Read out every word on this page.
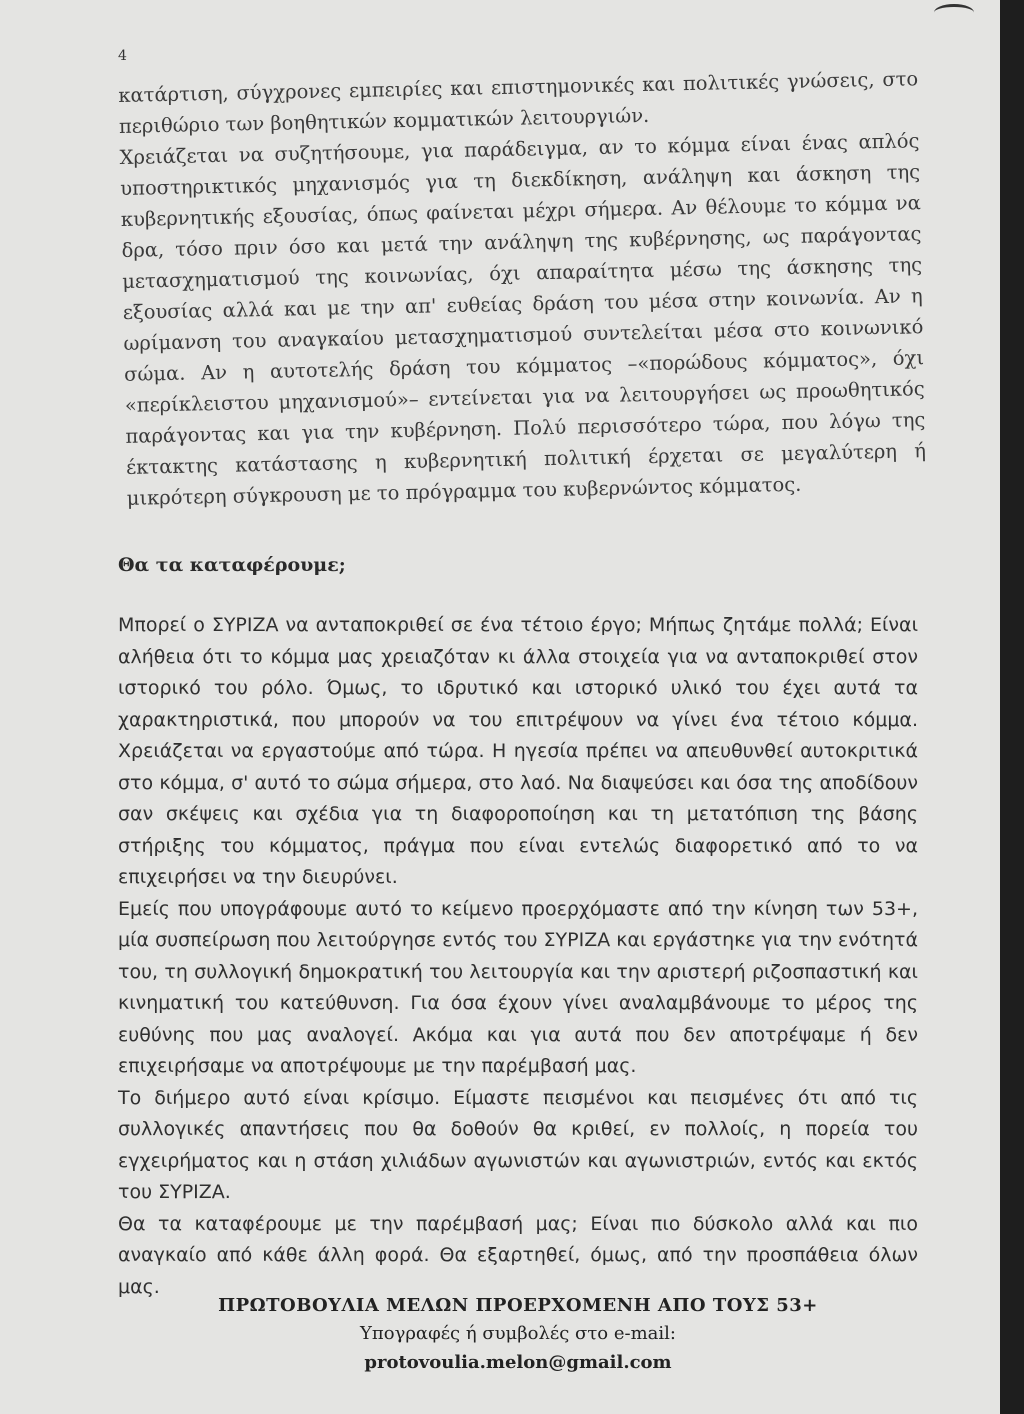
4

κατάρτιση, σύγχρονες εμπειρίες και επιστημονικές και πολιτικές γνώσεις, στο περιθώριο των βοηθητικών κομματικών λειτουργιών.

Χρειάζεται να συζητήσουμε, για παράδειγμα, αν το κόμμα είναι ένας απλός υποστηρικτικός μηχανισμός για τη διεκδίκηση, ανάληψη και άσκηση της κυβερνητικής εξουσίας, όπως φαίνεται μέχρι σήμερα. Αν θέλουμε το κόμμα να δρα, τόσο πριν όσο και μετά την ανάληψη της κυβέρνησης, ως παράγοντας μετασχηματισμού της κοινωνίας, όχι απαραίτητα μέσω της άσκησης της εξουσίας αλλά και με την απ' ευθείας δράση του μέσα στην κοινωνία. Αν η ωρίμανση του αναγκαίου μετασχηματισμού συντελείται μέσα στο κοινωνικό σώμα. Αν η αυτοτελής δράση του κόμματος –«πορώδους κόμματος», όχι «περίκλειστου μηχανισμού»– εντείνεται για να λειτουργήσει ως προωθητικός παράγοντας και για την κυβέρνηση. Πολύ περισσότερο τώρα, που λόγω της έκτακτης κατάστασης η κυβερνητική πολιτική έρχεται σε μεγαλύτερη ή μικρότερη σύγκρουση με το πρόγραμμα του κυβερνώντος κόμματος.

Θα τα καταφέρουμε;

Μπορεί ο ΣΥΡΙΖΑ να ανταποκριθεί σε ένα τέτοιο έργο; Μήπως ζητάμε πολλά; Είναι αλήθεια ότι το κόμμα μας χρειαζόταν κι άλλα στοιχεία για να ανταποκριθεί στον ιστορικό του ρόλο. Όμως, το ιδρυτικό και ιστορικό υλικό του έχει αυτά τα χαρακτηριστικά, που μπορούν να του επιτρέψουν να γίνει ένα τέτοιο κόμμα. Χρειάζεται να εργαστούμε από τώρα. Η ηγεσία πρέπει να απευθυνθεί αυτοκριτικά στο κόμμα, σ' αυτό το σώμα σήμερα, στο λαό. Να διαψεύσει και όσα της αποδίδουν σαν σκέψεις και σχέδια για τη διαφοροποίηση και τη μετατόπιση της βάσης στήριξης του κόμματος, πράγμα που είναι εντελώς διαφορετικό από το να επιχειρήσει να την διευρύνει.

Εμείς που υπογράφουμε αυτό το κείμενο προερχόμαστε από την κίνηση των 53+, μία συσπείρωση που λειτούργησε εντός του ΣΥΡΙΖΑ και εργάστηκε για την ενότητά του, τη συλλογική δημοκρατική του λειτουργία και την αριστερή ριζοσπαστική και κινηματική του κατεύθυνση. Για όσα έχουν γίνει αναλαμβάνουμε το μέρος της ευθύνης που μας αναλογεί. Ακόμα και για αυτά που δεν αποτρέψαμε ή δεν επιχειρήσαμε να αποτρέψουμε με την παρέμβασή μας.

Το διήμερο αυτό είναι κρίσιμο. Είμαστε πεισμένοι και πεισμένες ότι από τις συλλογικές απαντήσεις που θα δοθούν θα κριθεί, εν πολλοίς, η πορεία του εγχειρήματος και η στάση χιλιάδων αγωνιστών και αγωνιστριών, εντός και εκτός του ΣΥΡΙΖΑ.

Θα τα καταφέρουμε με την παρέμβασή μας; Είναι πιο δύσκολο αλλά και πιο αναγκαίο από κάθε άλλη φορά. Θα εξαρτηθεί, όμως, από την προσπάθεια όλων μας.

ΠΡΩΤΟΒΟΥΛΙΑ ΜΕΛΩΝ ΠΡΟΕΡΧΟΜΕΝΗ ΑΠΟ ΤΟΥΣ 53+
Υπογραφές ή συμβολές στο e-mail:
protovoulia.melon@gmail.com
